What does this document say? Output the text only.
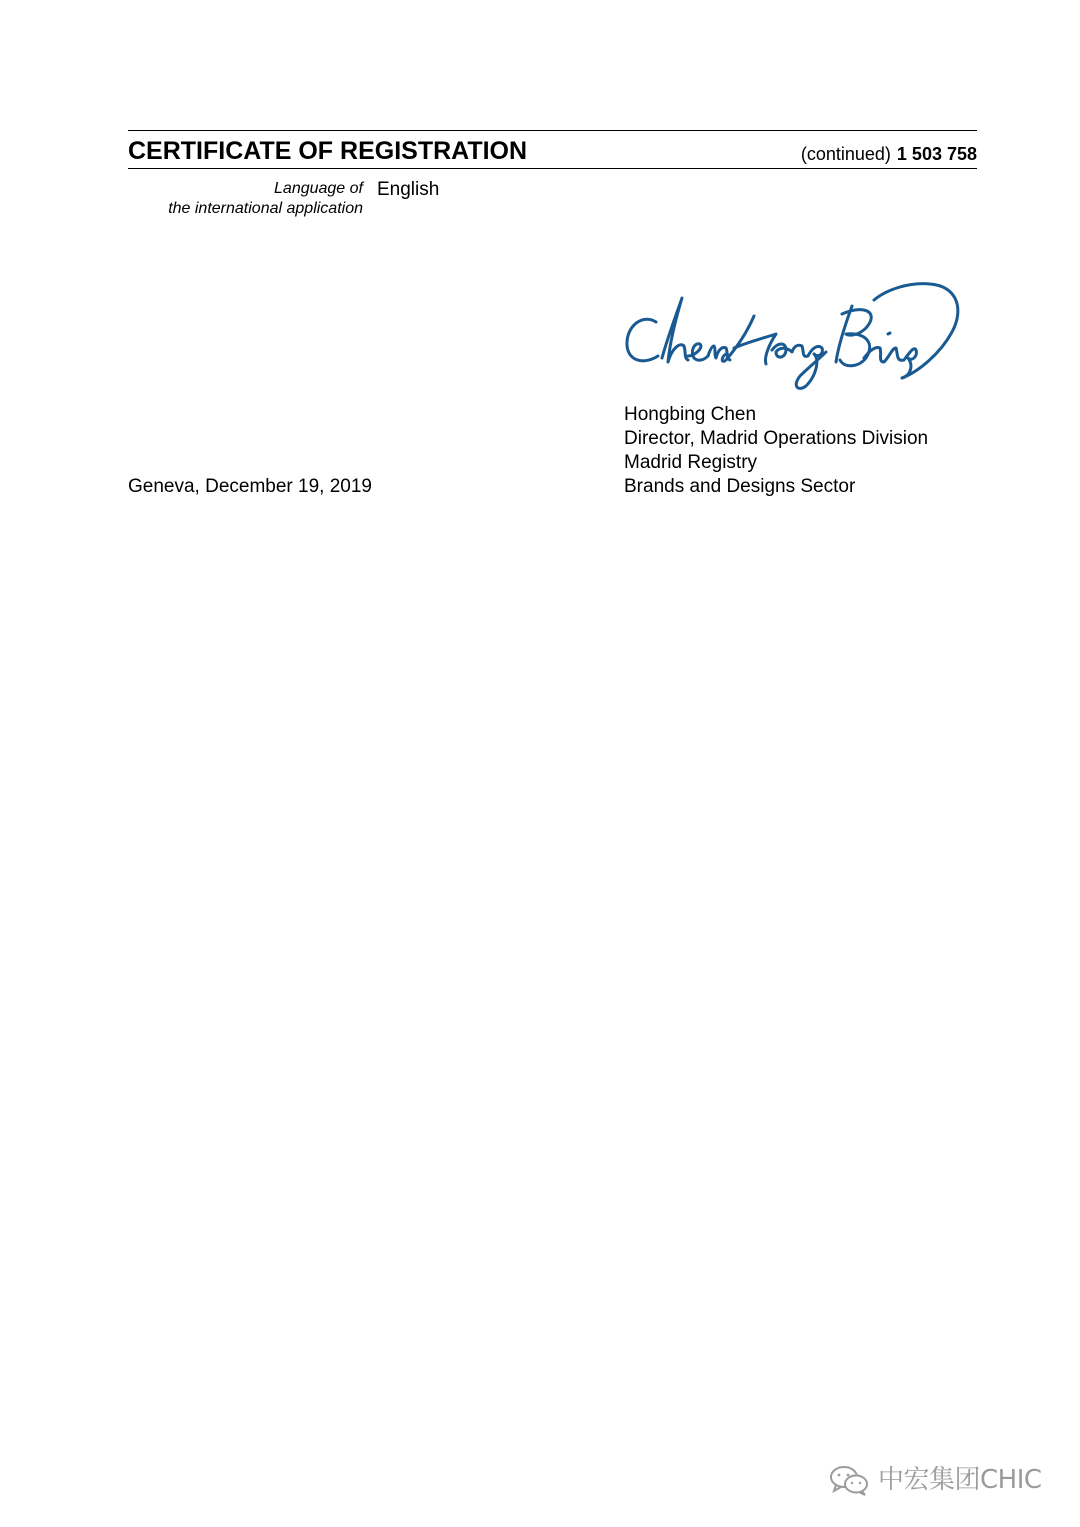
CERTIFICATE OF REGISTRATION	(continued) 1 503 758
Language of
the international application
English
Hongbing Chen
Director, Madrid Operations Division
Madrid Registry
Brands and Designs Sector
Geneva, December 19, 2019
中宏集团CHIC
